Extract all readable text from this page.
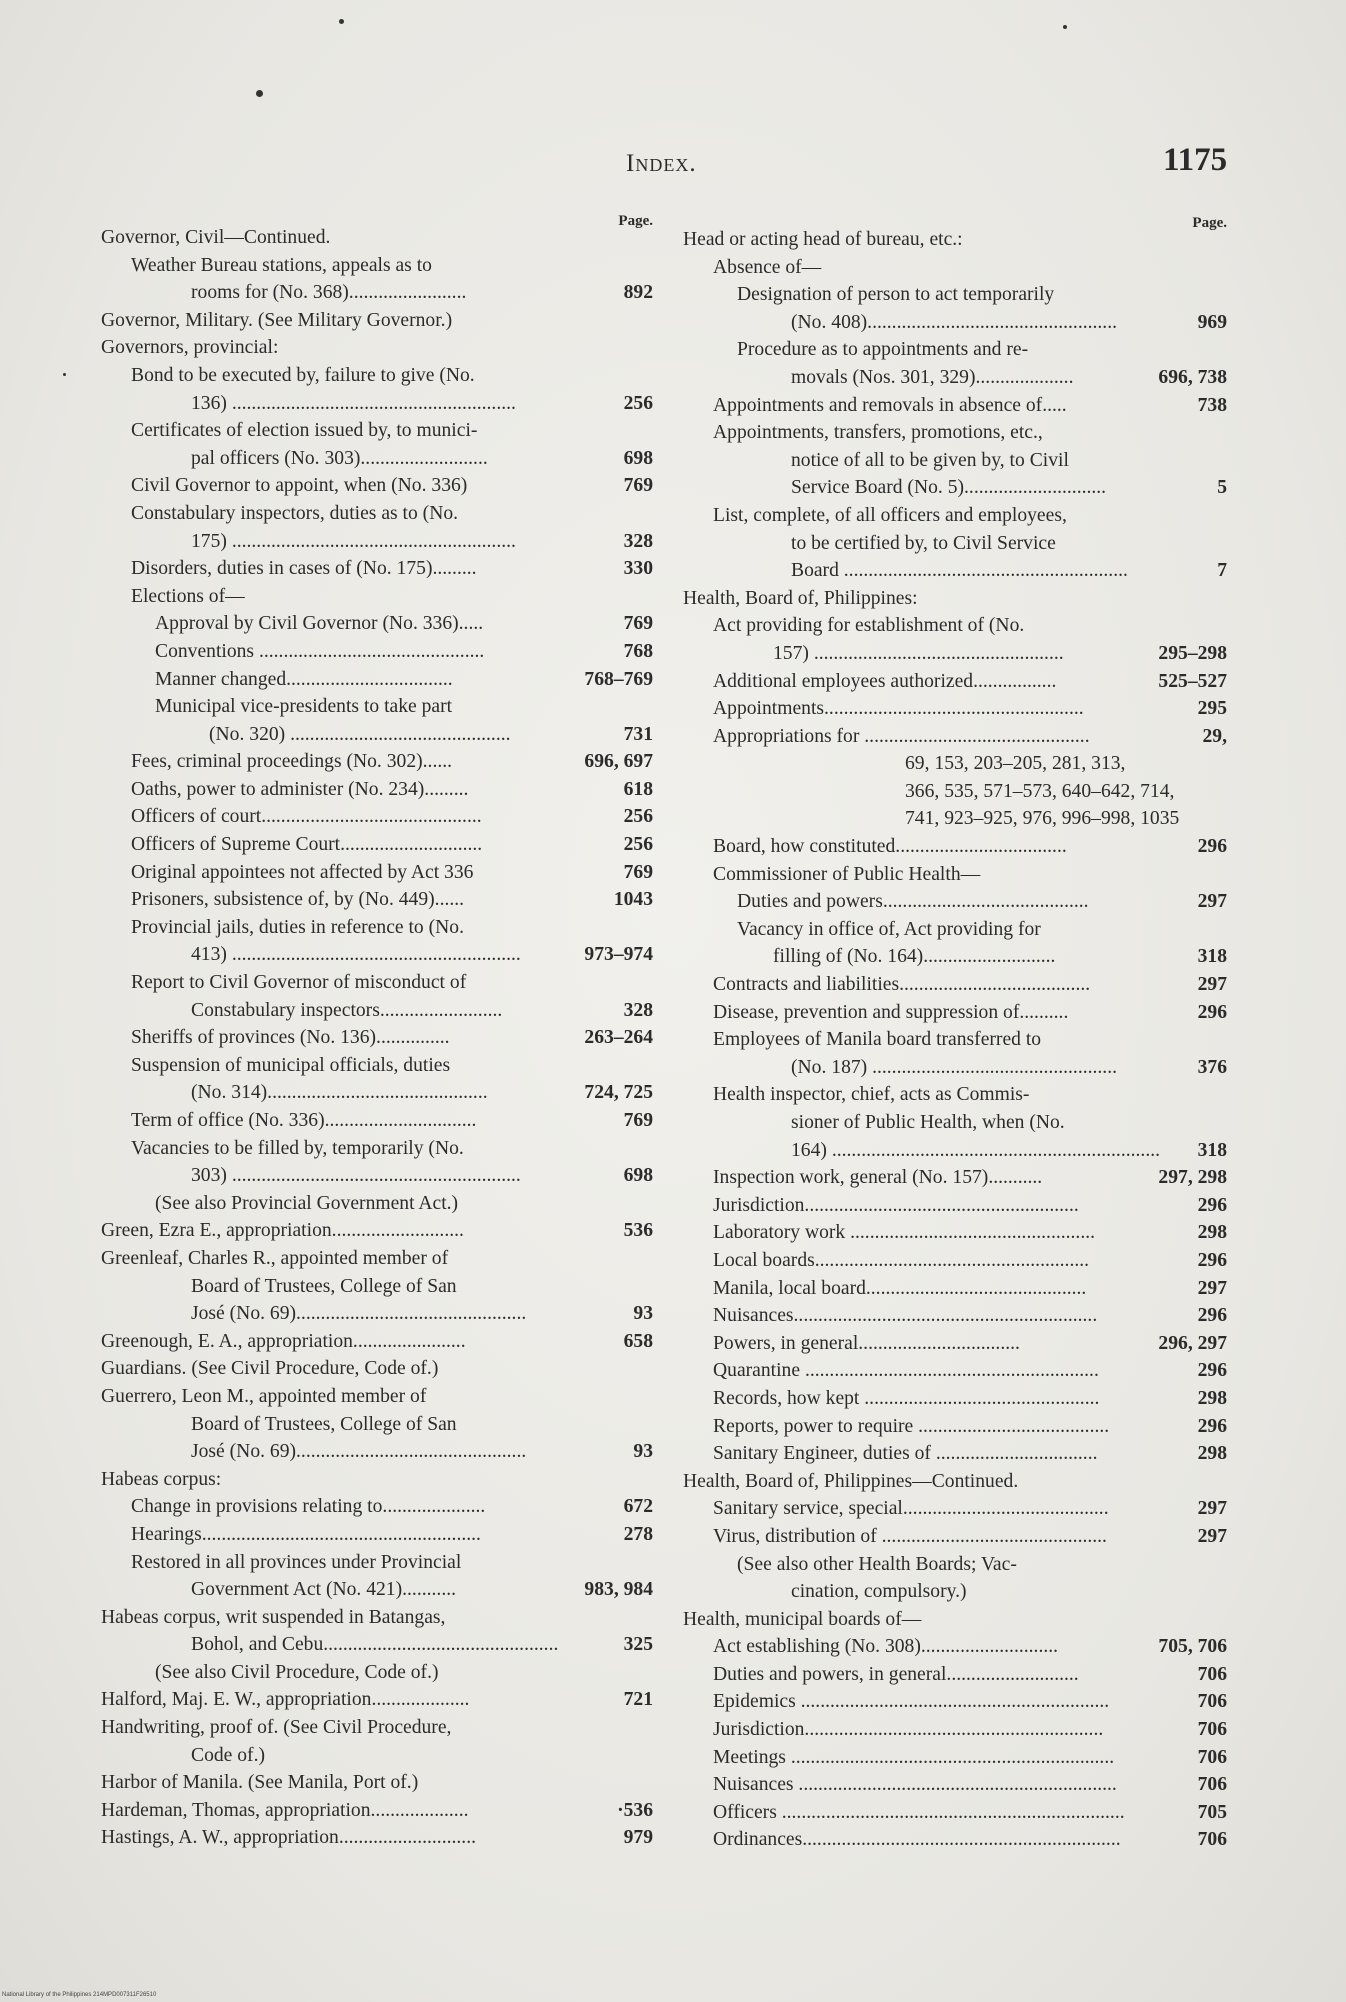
Index.	1175
Page.
Governor, Civil—Continued.
Weather Bureau stations, appeals as to
rooms for (No. 368)........................	892
Governor, Military. (See Military Governor.)
Governors, provincial:
Bond to be executed by, failure to give (No.
136) ..........................................................	256
Certificates of election issued by, to munici-
pal officers (No. 303)..........................	698
Civil Governor to appoint, when (No. 336)	769
Constabulary inspectors, duties as to (No.
175) ..........................................................	328
Disorders, duties in cases of (No. 175).........	330
Elections of—
Approval by Civil Governor (No. 336).....	769
Conventions ..............................................	768
Manner changed..................................	768–769
Municipal vice-presidents to take part
(No. 320) .............................................	731
Fees, criminal proceedings (No. 302)......	696, 697
Oaths, power to administer (No. 234).........	618
Officers of court.............................................	256
Officers of Supreme Court.............................	256
Original appointees not affected by Act 336	769
Prisoners, subsistence of, by (No. 449)......	1043
Provincial jails, duties in reference to (No.
413) ...........................................................	973–974
Report to Civil Governor of misconduct of
Constabulary inspectors.........................	328
Sheriffs of provinces (No. 136)...............	263–264
Suspension of municipal officials, duties
(No. 314).............................................	724, 725
Term of office (No. 336)...............................	769
Vacancies to be filled by, temporarily (No.
303) ...........................................................	698
(See also Provincial Government Act.)
Green, Ezra E., appropriation...........................	536
Greenleaf, Charles R., appointed member of
Board of Trustees, College of San
José (No. 69)...............................................	93
Greenough, E. A., appropriation.......................	658
Guardians. (See Civil Procedure, Code of.)
Guerrero, Leon M., appointed member of
Board of Trustees, College of San
José (No. 69)...............................................	93
Habeas corpus:
Change in provisions relating to.....................	672
Hearings.........................................................	278
Restored in all provinces under Provincial
Government Act (No. 421)...........	983, 984
Habeas corpus, writ suspended in Batangas,
Bohol, and Cebu................................................	325
(See also Civil Procedure, Code of.)
Halford, Maj. E. W., appropriation....................	721
Handwriting, proof of. (See Civil Procedure,
Code of.)
Harbor of Manila. (See Manila, Port of.)
Hardeman, Thomas, appropriation....................	·536
Hastings, A. W., appropriation............................	979
Page.
Head or acting head of bureau, etc.:
Absence of—
Designation of person to act temporarily
(No. 408)...................................................	969
Procedure as to appointments and re-
movals (Nos. 301, 329)....................	696, 738
Appointments and removals in absence of.....	738
Appointments, transfers, promotions, etc.,
notice of all to be given by, to Civil
Service Board (No. 5).............................	5
List, complete, of all officers and employees,
to be certified by, to Civil Service
Board ..........................................................	7
Health, Board of, Philippines:
Act providing for establishment of (No.
157) ...................................................	295–298
Additional employees authorized.................	525–527
Appointments.....................................................	295
Appropriations for ..............................................	29,
69, 153, 203–205, 281, 313,
366, 535, 571–573, 640–642, 714,
741, 923–925, 976, 996–998, 1035
Board, how constituted...................................	296
Commissioner of Public Health—
Duties and powers..........................................	297
Vacancy in office of, Act providing for
filling of (No. 164)...........................	318
Contracts and liabilities.......................................	297
Disease, prevention and suppression of..........	296
Employees of Manila board transferred to
(No. 187) ..................................................	376
Health inspector, chief, acts as Commis-
sioner of Public Health, when (No.
164) ................................................................... 318
Inspection work, general (No. 157)...........	297, 298
Jurisdiction........................................................	296
Laboratory work ..................................................	298
Local boards........................................................	296
Manila, local board.............................................	297
Nuisances..............................................................	296
Powers, in general.................................	296, 297
Quarantine ............................................................	296
Records, how kept ................................................	298
Reports, power to require .......................................	296
Sanitary Engineer, duties of .................................	298
Health, Board of, Philippines—Continued.
Sanitary service, special..........................................	297
Virus, distribution of ..............................................	297
(See also other Health Boards; Vac-
cination, compulsory.)
Health, municipal boards of—
Act establishing (No. 308)............................	705, 706
Duties and powers, in general...........................	706
Epidemics ...............................................................	706
Jurisdiction.............................................................	706
Meetings ..................................................................	706
Nuisances .................................................................	706
Officers ......................................................................	705
Ordinances.................................................................	706
National Library of the Philippines 214MPD007311F26510
